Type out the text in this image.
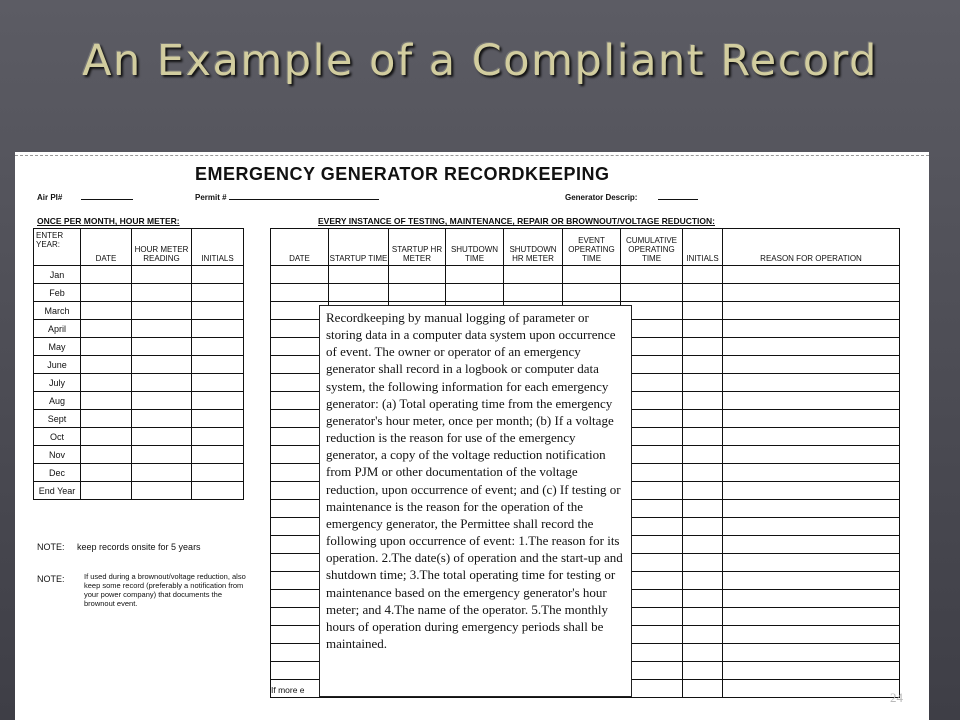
An Example of a Compliant Record
EMERGENCY GENERATOR RECORDKEEPING
Air PI#	Permit #	Generator Descrip:
ONCE PER MONTH, HOUR METER:	EVERY INSTANCE OF TESTING, MAINTENANCE, REPAIR OR BROWNOUT/VOLTAGE REDUCTION:
ENTER YEAR:	DATE	HOUR METER READING	INITIALS
Jan			
Feb			
March			
April			
May			
June			
July			
Aug			
Sept			
Oct			
Nov			
Dec			
End Year			
DATE	STARTUP TIME	STARTUP HR METER	SHUTDOWN TIME	SHUTDOWN HR METER	EVENT OPERATING TIME	CUMULATIVE OPERATING TIME	INITIALS	REASON FOR OPERATION

NOTE: keep records onsite for 5 years
NOTE:	If used during a brownout/voltage reduction, also keep some record (preferably a notification from your power company) that documents the brownout event.
If more e
Recordkeeping by manual logging of parameter or storing data in a computer data system upon occurrence of event. The owner or operator of an emergency generator shall record in a logbook or computer data system, the following information for each emergency generator: (a) Total operating time from the emergency generator's hour meter, once per month; (b) If a voltage reduction is the reason for use of the emergency generator, a copy of the voltage reduction notification from PJM or other documentation of the voltage reduction, upon occurrence of event; and (c) If testing or maintenance is the reason for the operation of the emergency generator, the Permittee shall record the following upon occurrence of event: 1.The reason for its operation. 2.The date(s) of operation and the start-up and shutdown time; 3.The total operating time for testing or maintenance based on the emergency generator's hour meter; and 4.The name of the operator. 5.The monthly hours of operation during emergency periods shall be maintained.
24
